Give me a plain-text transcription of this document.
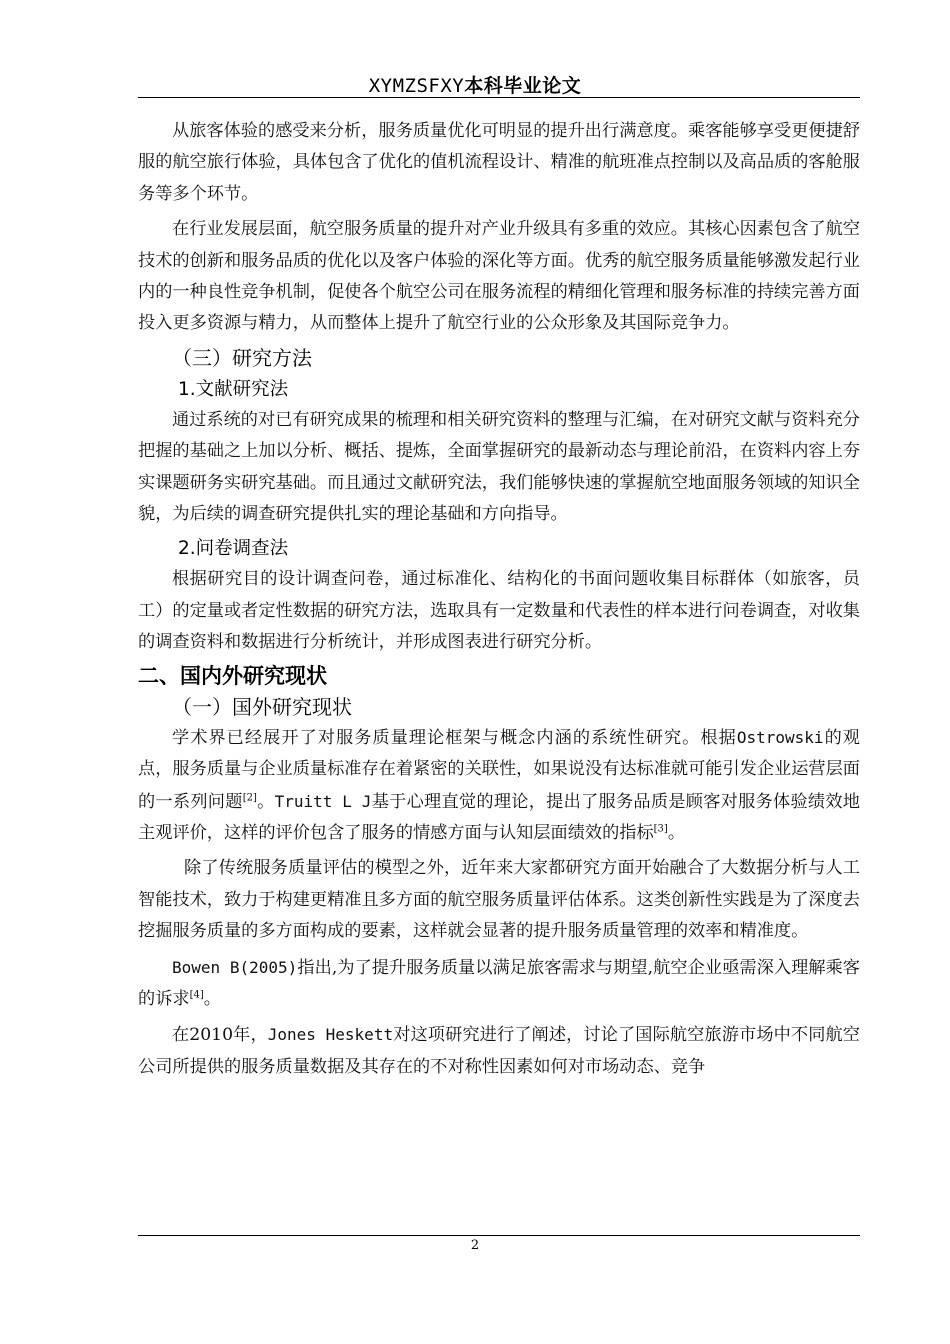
XYMZSFXY本科毕业论文

从旅客体验的感受来分析，服务质量优化可明显的提升出行满意度。乘客能够享受更便捷舒服的航空旅行体验，具体包含了优化的值机流程设计、精准的航班准点控制以及高品质的客舱服务等多个环节。

在行业发展层面，航空服务质量的提升对产业升级具有多重的效应。其核心因素包含了航空技术的创新和服务品质的优化以及客户体验的深化等方面。优秀的航空服务质量能够激发起行业内的一种良性竞争机制，促使各个航空公司在服务流程的精细化管理和服务标准的持续完善方面投入更多资源与精力，从而整体上提升了航空行业的公众形象及其国际竞争力。

（三）研究方法
1.文献研究法

通过系统的对已有研究成果的梳理和相关研究资料的整理与汇编，在对研究文献与资料充分把握的基础之上加以分析、概括、提炼，全面掌握研究的最新动态与理论前沿，在资料内容上夯实课题研务实研究基础。而且通过文献研究法，我们能够快速的掌握航空地面服务领域的知识全貌，为后续的调查研究提供扎实的理论基础和方向指导。

2.问卷调查法

根据研究目的设计调查问卷，通过标准化、结构化的书面问题收集目标群体（如旅客，员工）的定量或者定性数据的研究方法，选取具有一定数量和代表性的样本进行问卷调查，对收集的调查资料和数据进行分析统计，并形成图表进行研究分析。

二、国内外研究现状
（一）国外研究现状

学术界已经展开了对服务质量理论框架与概念内涵的系统性研究。根据Ostrowski的观点，服务质量与企业质量标准存在着紧密的关联性，如果说没有达标准就可能引发企业运营层面的一系列问题[2]。Truitt L J基于心理直觉的理论，提出了服务品质是顾客对服务体验绩效地主观评价，这样的评价包含了服务的情感方面与认知层面绩效的指标[3]。

除了传统服务质量评估的模型之外，近年来大家都研究方面开始融合了大数据分析与人工智能技术，致力于构建更精准且多方面的航空服务质量评估体系。这类创新性实践是为了深度去挖掘服务质量的多方面构成的要素，这样就会显著的提升服务质量管理的效率和精准度。

Bowen B(2005)指出,为了提升服务质量以满足旅客需求与期望,航空企业亟需深入理解乘客的诉求[4]。

在2010年，Jones Heskett对这项研究进行了阐述，讨论了国际航空旅游市场中不同航空公司所提供的服务质量数据及其存在的不对称性因素如何对市场动态、竞争

2
